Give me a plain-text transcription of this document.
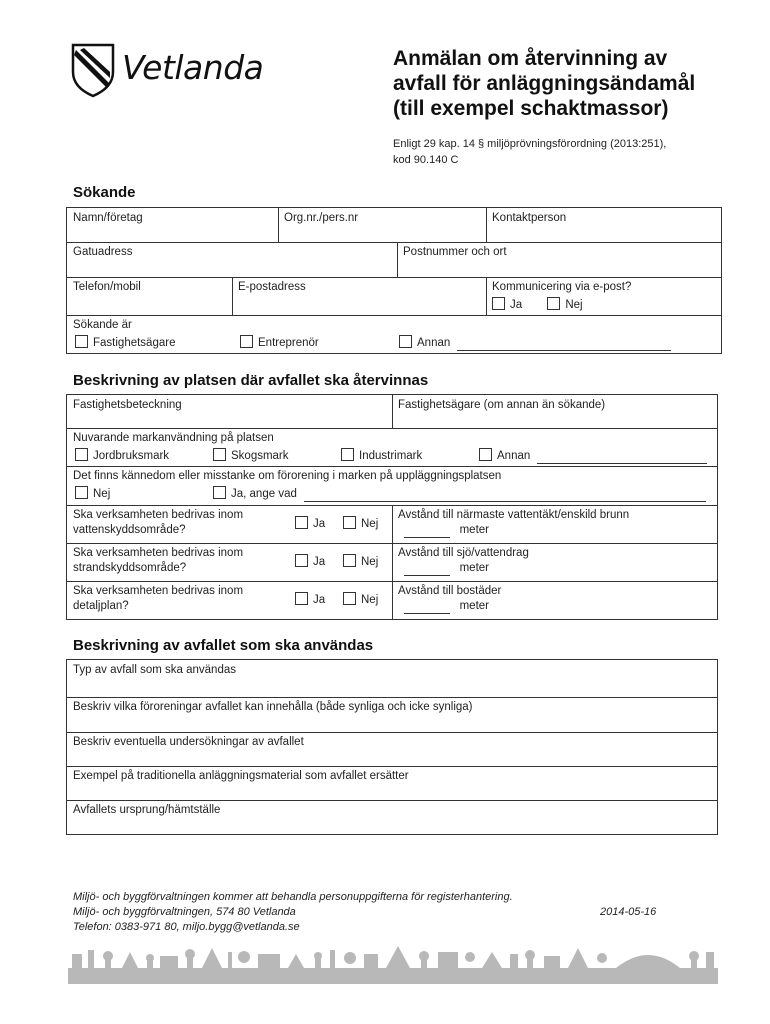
Vetlanda	Anmälan om återvinning av
avfall för anläggningsändamål
(till exempel schaktmassor)
Enligt 29 kap. 14 § miljöprövningsförordning (2013:251),
kod 90.140 C
Sökande
Namn/företag	Org.nr./pers.nr	Kontaktperson
Gatuadress	Postnummer och ort
Telefon/mobil	E-postadress	Kommunicering via e-post?
Ja	Nej
Sökande är
Fastighetsägare	Entreprenör	Annan
Beskrivning av platsen där avfallet ska återvinnas
Fastighetsbeteckning	Fastighetsägare (om annan än sökande)
Nuvarande markanvändning på platsen
Jordbruksmark	Skogsmark	Industrimark	Annan
Det finns kännedom eller misstanke om förorening i marken på uppläggningsplatsen
Nej	Ja, ange vad
Ska verksamheten bedrivas inom
vattenskyddsområde?	Ja	Nej
Avstånd till närmaste vattentäkt/enskild brunn
meter
Ska verksamheten bedrivas inom
strandskyddsområde?	Ja	Nej
Avstånd till sjö/vattendrag
meter
Ska verksamheten bedrivas inom
detaljplan?	Ja	Nej
Avstånd till bostäder
meter
Beskrivning av avfallet som ska användas
Typ av avfall som ska användas
Beskriv vilka föroreningar avfallet kan innehålla (både synliga och icke synliga)
Beskriv eventuella undersökningar av avfallet
Exempel på traditionella anläggningsmaterial som avfallet ersätter
Avfallets ursprung/hämtställe
Miljö- och byggförvaltningen kommer att behandla personuppgifterna för registerhantering.
Miljö- och byggförvaltningen, 574 80 Vetlanda
Telefon: 0383-971 80, miljo.bygg@vetlanda.se
2014-05-16
